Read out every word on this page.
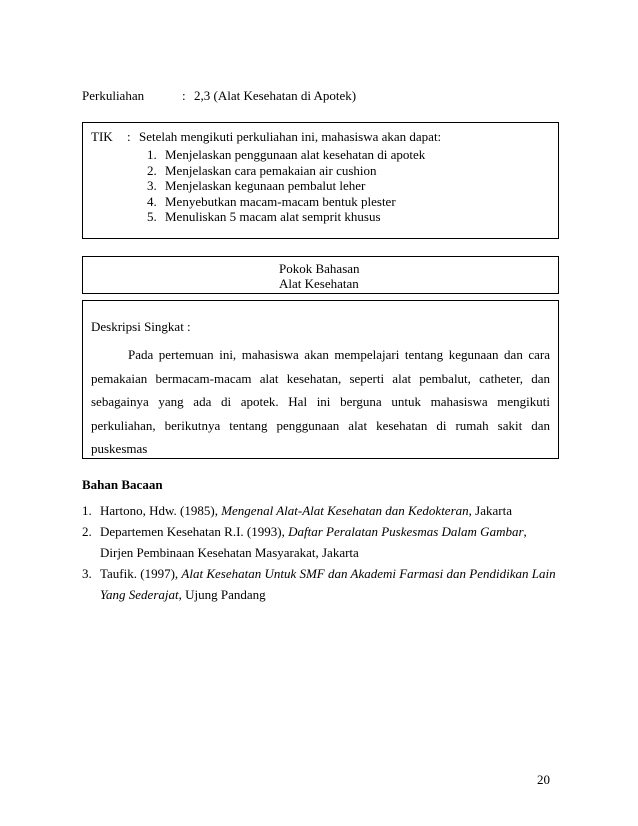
Perkuliahan	: 2,3 (Alat Kesehatan di Apotek)
TIK	: Setelah mengikuti perkuliahan ini, mahasiswa akan dapat:
1. Menjelaskan penggunaan alat kesehatan di apotek
2. Menjelaskan cara pemakaian air cushion
3. Menjelaskan kegunaan pembalut leher
4. Menyebutkan macam-macam bentuk plester
5. Menuliskan 5 macam alat semprit khusus
Pokok Bahasan
Alat Kesehatan
Deskripsi Singkat :

Pada pertemuan ini, mahasiswa akan mempelajari tentang kegunaan dan cara pemakaian bermacam-macam alat kesehatan, seperti alat pembalut, catheter, dan sebagainya yang ada di apotek. Hal ini berguna untuk mahasiswa mengikuti perkuliahan, berikutnya tentang penggunaan alat kesehatan di rumah sakit dan puskesmas

Bahan Bacaan
1. Hartono, Hdw. (1985), Mengenal Alat-Alat Kesehatan dan Kedokteran, Jakarta
2. Departemen Kesehatan R.I. (1993), Daftar Peralatan Puskesmas Dalam Gambar, Dirjen Pembinaan Kesehatan Masyarakat, Jakarta
3. Taufik. (1997), Alat Kesehatan Untuk SMF dan Akademi Farmasi dan Pendidikan Lain Yang Sederajat, Ujung Pandang
20
